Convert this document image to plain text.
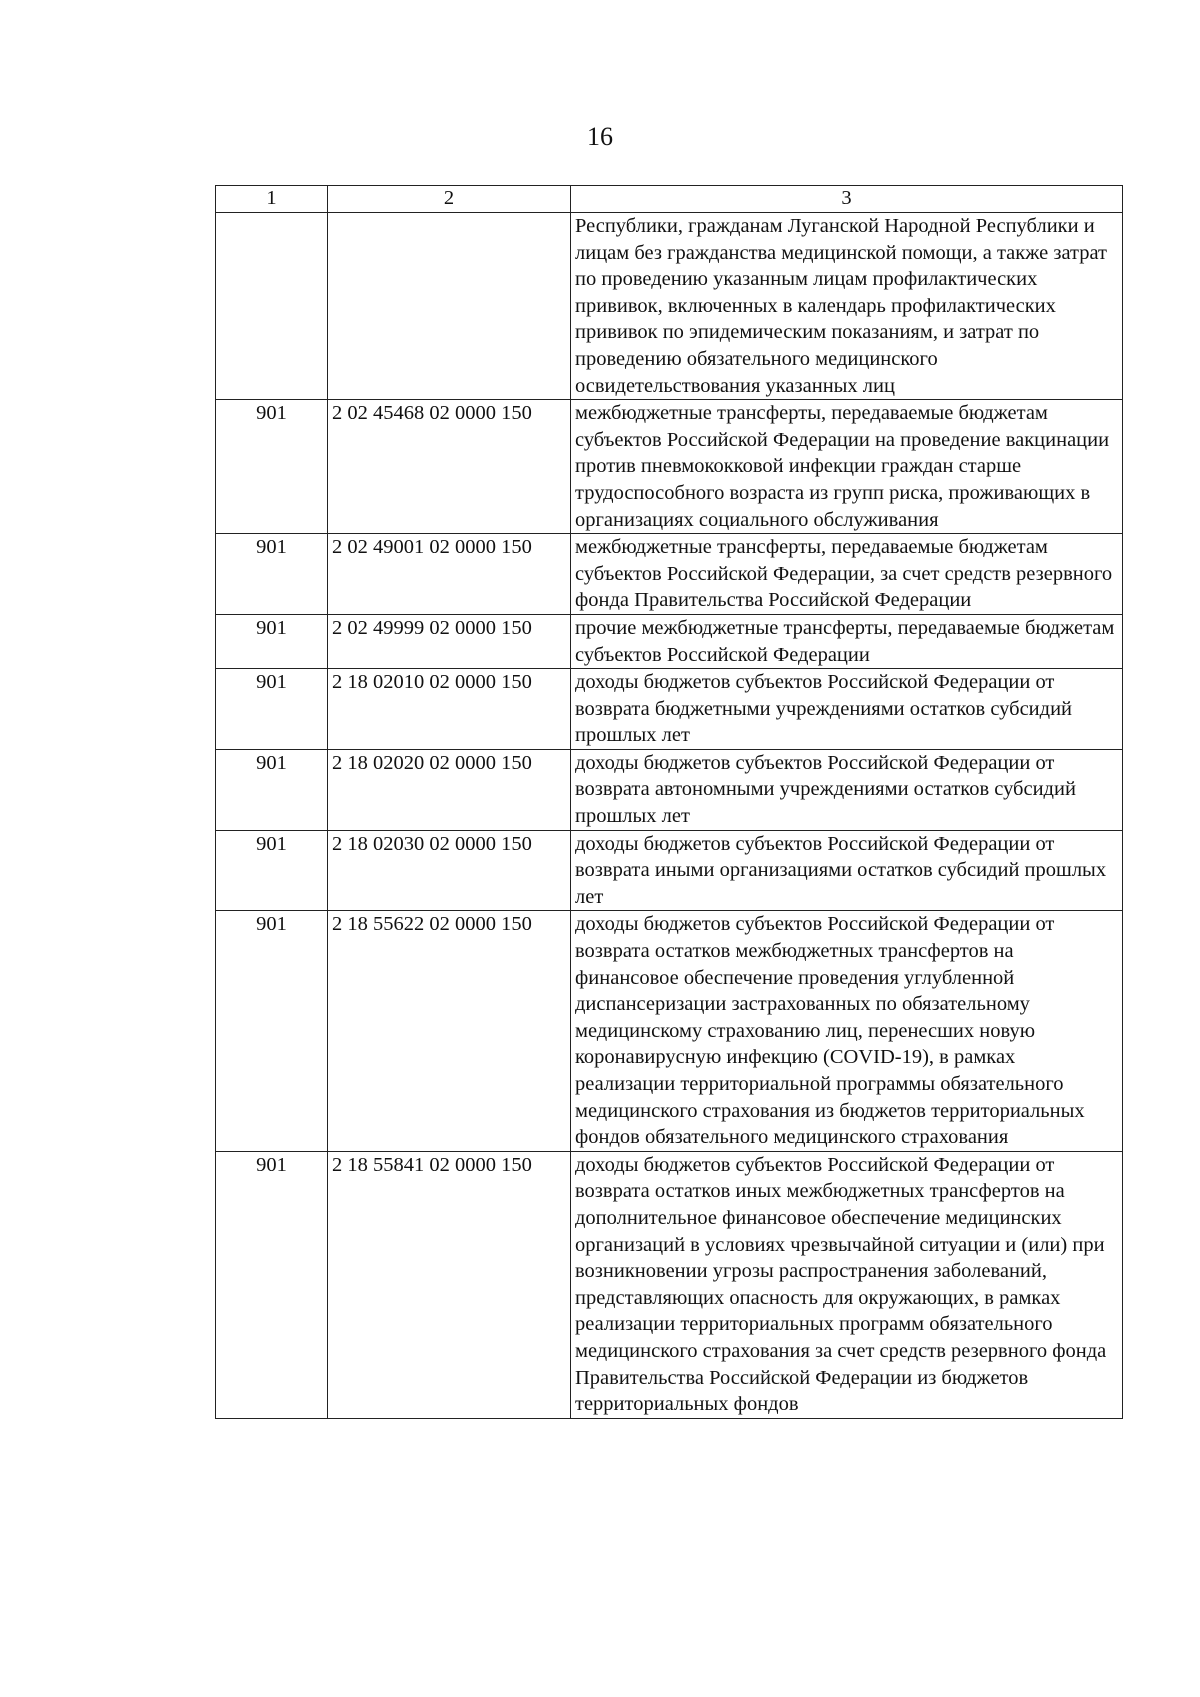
16
1	2	3
		Республики, гражданам Луганской Народной Республики и лицам без гражданства медицинской помощи, а также затрат по проведению указанным лицам профилактических прививок, включенных в календарь профилактических прививок по эпидемическим показаниям, и затрат по проведению обязательного медицинского освидетельствования указанных лиц
901	2 02 45468 02 0000 150	межбюджетные трансферты, передаваемые бюджетам субъектов Российской Федерации на проведение вакцинации против пневмококковой инфекции граждан старше трудоспособного возраста из групп риска, проживающих в организациях социального обслуживания
901	2 02 49001 02 0000 150	межбюджетные трансферты, передаваемые бюджетам субъектов Российской Федерации, за счет средств резервного фонда Правительства Российской Федерации
901	2 02 49999 02 0000 150	прочие межбюджетные трансферты, передаваемые бюджетам субъектов Российской Федерации
901	2 18 02010 02 0000 150	доходы бюджетов субъектов Российской Федерации от возврата бюджетными учреждениями остатков субсидий прошлых лет
901	2 18 02020 02 0000 150	доходы бюджетов субъектов Российской Федерации от возврата автономными учреждениями остатков субсидий прошлых лет
901	2 18 02030 02 0000 150	доходы бюджетов субъектов Российской Федерации от возврата иными организациями остатков субсидий прошлых лет
901	2 18 55622 02 0000 150	доходы бюджетов субъектов Российской Федерации от возврата остатков межбюджетных трансфертов на финансовое обеспечение проведения углубленной диспансеризации застрахованных по обязательному медицинскому страхованию лиц, перенесших новую коронавирусную инфекцию (COVID-19), в рамках реализации территориальной программы обязательного медицинского страхования из бюджетов территориальных фондов обязательного медицинского страхования
901	2 18 55841 02 0000 150	доходы бюджетов субъектов Российской Федерации от возврата остатков иных межбюджетных трансфертов на дополнительное финансовое обеспечение медицинских организаций в условиях чрезвычайной ситуации и (или) при возникновении угрозы распространения заболеваний, представляющих опасность для окружающих, в рамках реализации территориальных программ обязательного медицинского страхования за счет средств резервного фонда Правительства Российской Федерации из бюджетов территориальных фондов
